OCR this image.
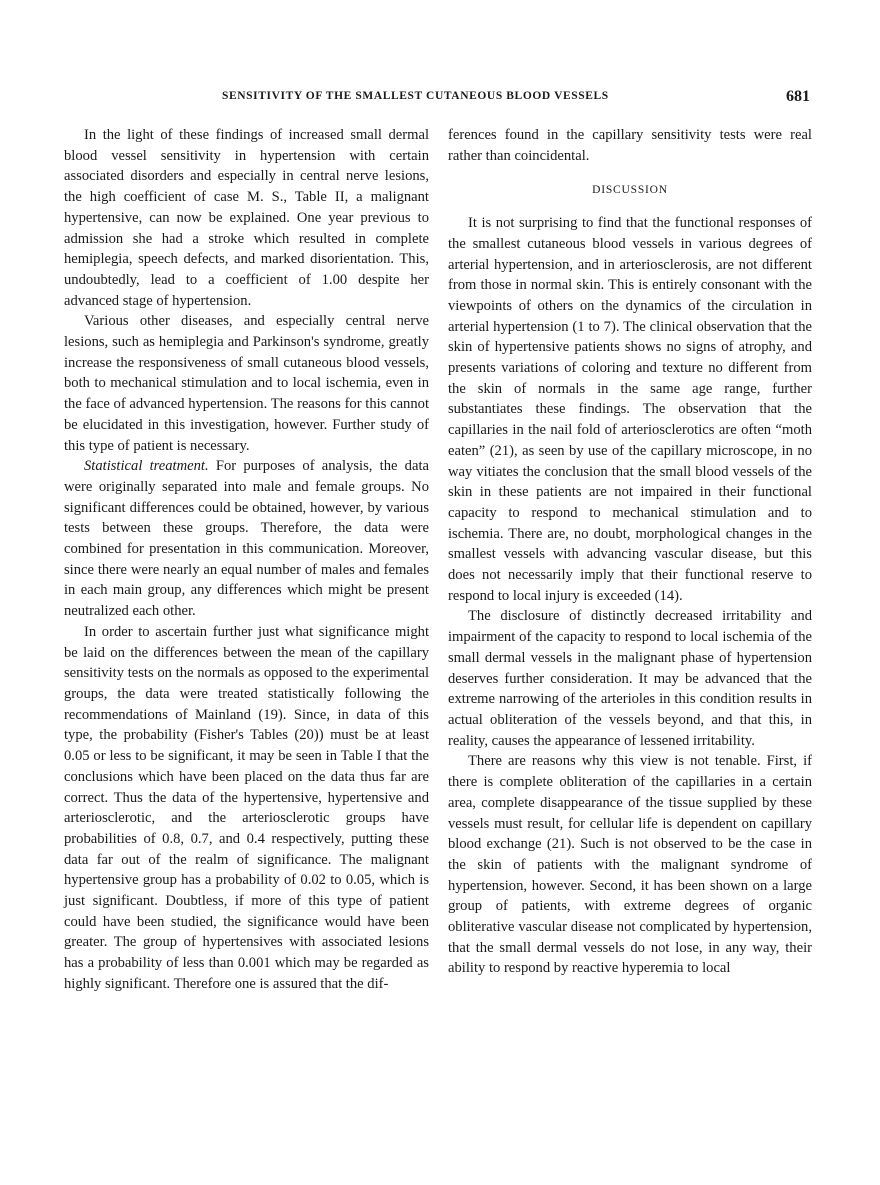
SENSITIVITY OF THE SMALLEST CUTANEOUS BLOOD VESSELS	681

In the light of these findings of increased small dermal blood vessel sensitivity in hypertension with certain associated disorders and especially in central nerve lesions, the high coefficient of case M. S., Table II, a malignant hypertensive, can now be explained. One year previous to admission she had a stroke which resulted in complete hemiplegia, speech defects, and marked disorientation. This, undoubtedly, lead to a coefficient of 1.00 despite her advanced stage of hypertension.

Various other diseases, and especially central nerve lesions, such as hemiplegia and Parkinson's syndrome, greatly increase the responsiveness of small cutaneous blood vessels, both to mechanical stimulation and to local ischemia, even in the face of advanced hypertension. The reasons for this cannot be elucidated in this investigation, however. Further study of this type of patient is necessary.

Statistical treatment. For purposes of analysis, the data were originally separated into male and female groups. No significant differences could be obtained, however, by various tests between these groups. Therefore, the data were combined for presentation in this communication. Moreover, since there were nearly an equal number of males and females in each main group, any differences which might be present neutralized each other.

In order to ascertain further just what significance might be laid on the differences between the mean of the capillary sensitivity tests on the normals as opposed to the experimental groups, the data were treated statistically following the recommendations of Mainland (19). Since, in data of this type, the probability (Fisher's Tables (20)) must be at least 0.05 or less to be significant, it may be seen in Table I that the conclusions which have been placed on the data thus far are correct. Thus the data of the hypertensive, hypertensive and arteriosclerotic, and the arteriosclerotic groups have probabilities of 0.8, 0.7, and 0.4 respectively, putting these data far out of the realm of significance. The malignant hypertensive group has a probability of 0.02 to 0.05, which is just significant. Doubtless, if more of this type of patient could have been studied, the significance would have been greater. The group of hypertensives with associated lesions has a probability of less than 0.001 which may be regarded as highly significant. Therefore one is assured that the dif-

ferences found in the capillary sensitivity tests were real rather than coincidental.

DISCUSSION

It is not surprising to find that the functional responses of the smallest cutaneous blood vessels in various degrees of arterial hypertension, and in arteriosclerosis, are not different from those in normal skin. This is entirely consonant with the viewpoints of others on the dynamics of the circulation in arterial hypertension (1 to 7). The clinical observation that the skin of hypertensive patients shows no signs of atrophy, and presents variations of coloring and texture no different from the skin of normals in the same age range, further substantiates these findings. The observation that the capillaries in the nail fold of arteriosclerotics are often “moth eaten” (21), as seen by use of the capillary microscope, in no way vitiates the conclusion that the small blood vessels of the skin in these patients are not impaired in their functional capacity to respond to mechanical stimulation and to ischemia. There are, no doubt, morphological changes in the smallest vessels with advancing vascular disease, but this does not necessarily imply that their functional reserve to respond to local injury is exceeded (14).

The disclosure of distinctly decreased irritability and impairment of the capacity to respond to local ischemia of the small dermal vessels in the malignant phase of hypertension deserves further consideration. It may be advanced that the extreme narrowing of the arterioles in this condition results in actual obliteration of the vessels beyond, and that this, in reality, causes the appearance of lessened irritability.

There are reasons why this view is not tenable. First, if there is complete obliteration of the capillaries in a certain area, complete disappearance of the tissue supplied by these vessels must result, for cellular life is dependent on capillary blood exchange (21). Such is not observed to be the case in the skin of patients with the malignant syndrome of hypertension, however. Second, it has been shown on a large group of patients, with extreme degrees of organic obliterative vascular disease not complicated by hypertension, that the small dermal vessels do not lose, in any way, their ability to respond by reactive hyperemia to local
